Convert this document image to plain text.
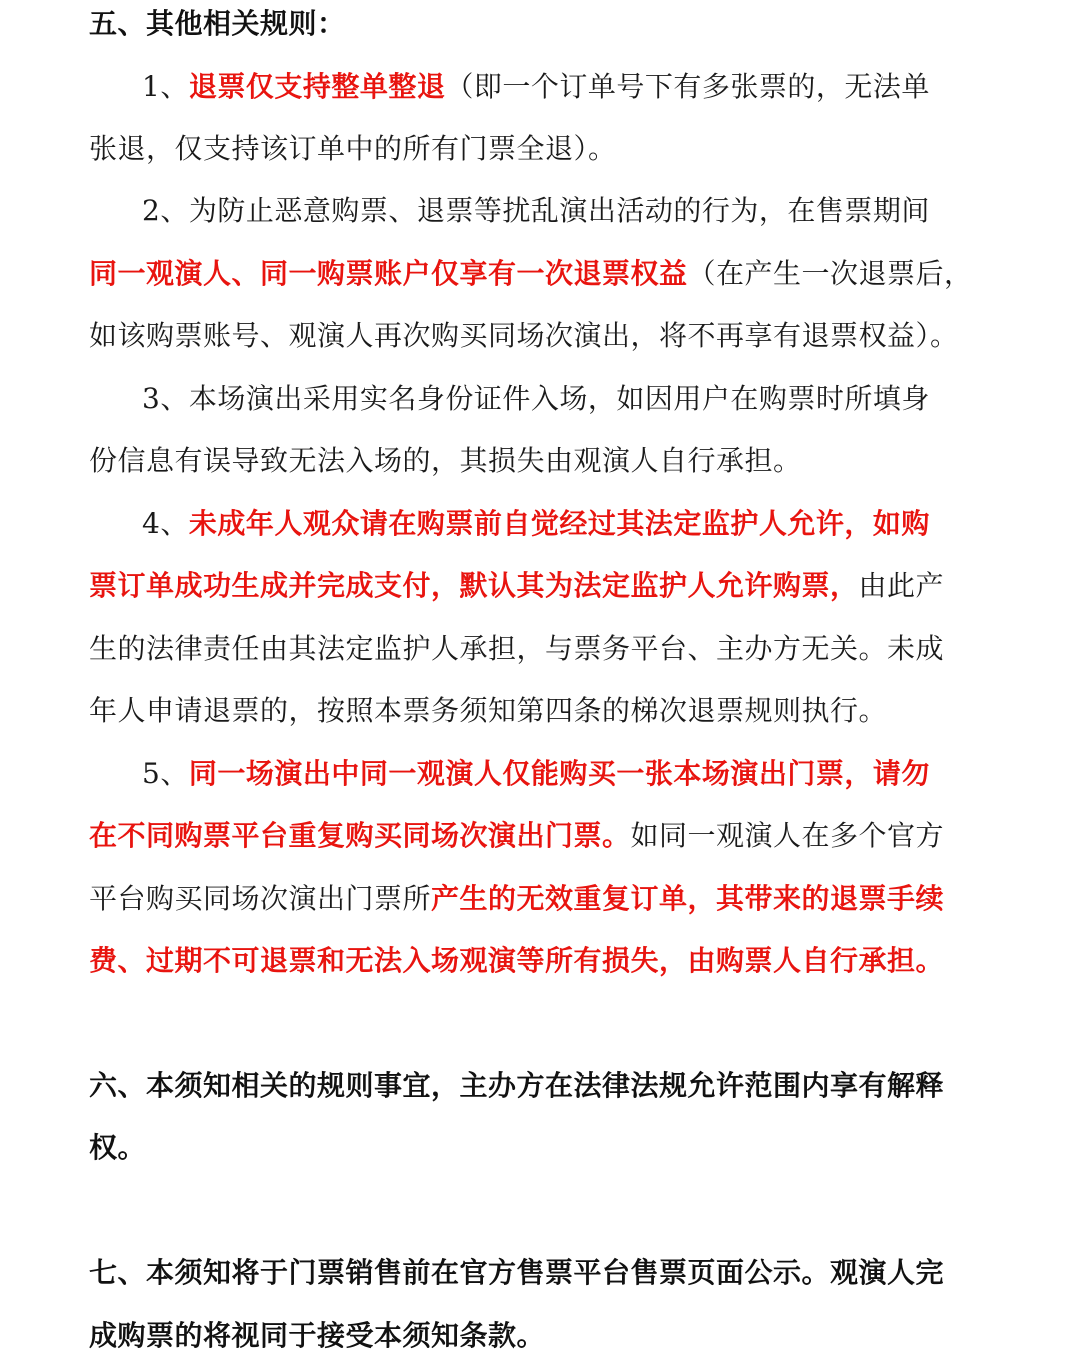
五、其他相关规则：
1、退票仅支持整单整退（即一个订单号下有多张票的，无法单
张退，仅支持该订单中的所有门票全退）。
2、为防止恶意购票、退票等扰乱演出活动的行为，在售票期间
同一观演人、同一购票账户仅享有一次退票权益（在产生一次退票后，
如该购票账号、观演人再次购买同场次演出，将不再享有退票权益）。
3、本场演出采用实名身份证件入场，如因用户在购票时所填身
份信息有误导致无法入场的，其损失由观演人自行承担。
4、未成年人观众请在购票前自觉经过其法定监护人允许，如购
票订单成功生成并完成支付，默认其为法定监护人允许购票，由此产
生的法律责任由其法定监护人承担，与票务平台、主办方无关。未成
年人申请退票的，按照本票务须知第四条的梯次退票规则执行。
5、同一场演出中同一观演人仅能购买一张本场演出门票，请勿
在不同购票平台重复购买同场次演出门票。如同一观演人在多个官方
平台购买同场次演出门票所产生的无效重复订单，其带来的退票手续
费、过期不可退票和无法入场观演等所有损失，由购票人自行承担。
六、本须知相关的规则事宜，主办方在法律法规允许范围内享有解释
权。
七、本须知将于门票销售前在官方售票平台售票页面公示。观演人完
成购票的将视同于接受本须知条款。
